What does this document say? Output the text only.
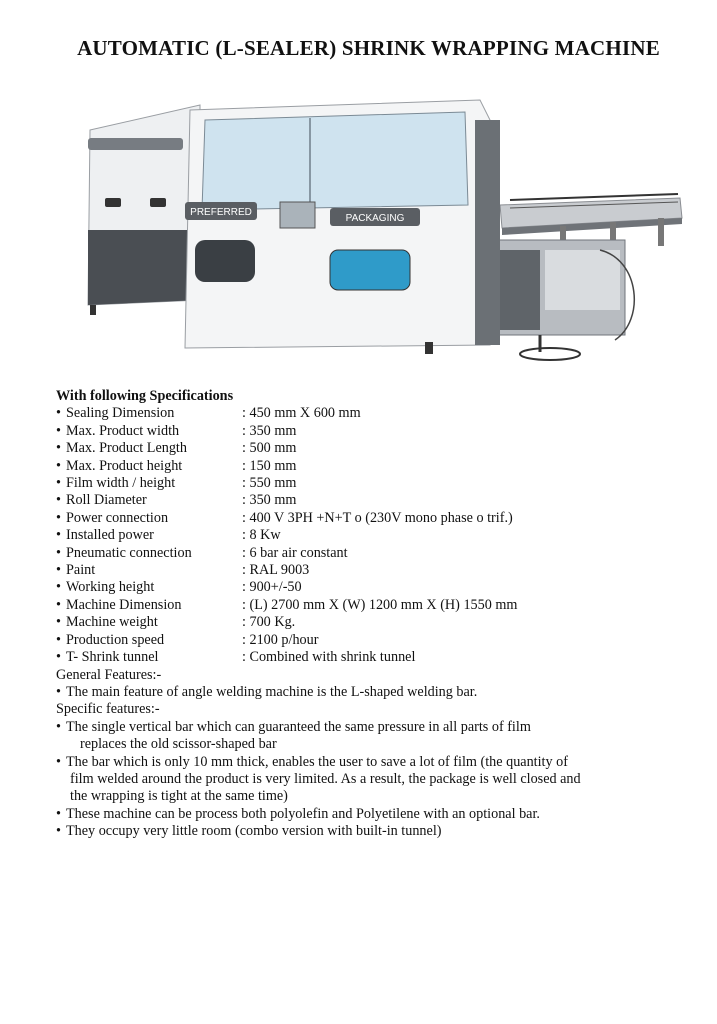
AUTOMATIC (L-SEALER) SHRINK WRAPPING MACHINE
PREFERRED
PACKAGING
With following Specifications
• Sealing Dimension	: 450 mm X 600 mm
• Max. Product width	: 350 mm
• Max. Product Length	: 500 mm
• Max. Product height	: 150 mm
• Film width / height	: 550 mm
• Roll Diameter	: 350 mm
• Power connection	: 400 V 3PH +N+T o (230V mono phase o trif.)
• Installed power	: 8 Kw
• Pneumatic connection	: 6 bar air constant
• Paint	: RAL 9003
• Working height	: 900+/-50
• Machine Dimension	: (L) 2700 mm X (W) 1200 mm X (H) 1550 mm
• Machine weight	: 700 Kg.
• Production speed	: 2100 p/hour
• T- Shrink tunnel	: Combined with shrink tunnel
General Features:-
• The main feature of angle welding machine is the L-shaped welding bar.
Specific features:-
• The single vertical bar which can guaranteed the same pressure in all parts of film
replaces the old scissor-shaped bar
• The bar which is only 10 mm thick, enables the user to save a lot of film (the quantity of
film welded around the product is very limited. As a result, the package is well closed and
the wrapping is tight at the same time)
• These machine can be process both polyolefin and Polyetilene with an optional bar.
• They occupy very little room (combo version with built-in tunnel)
